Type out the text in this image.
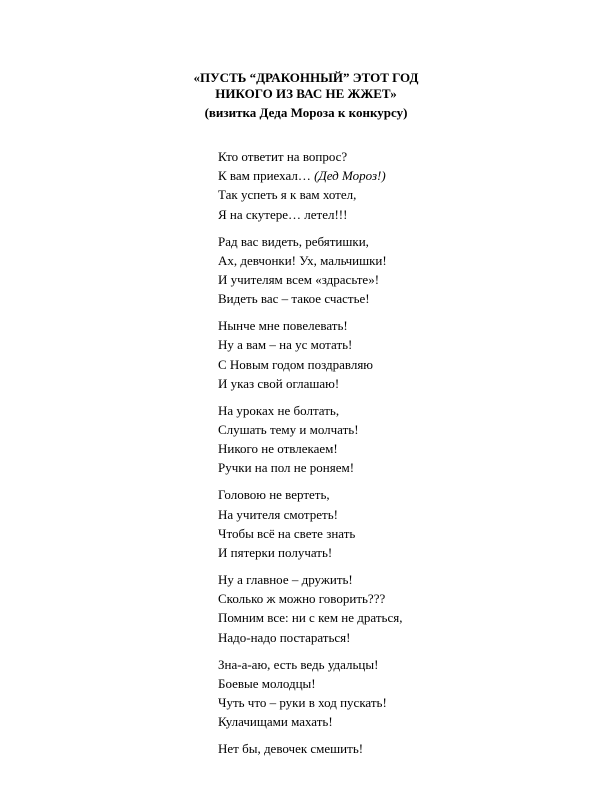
«ПУСТЬ “ДРАКОННЫЙ” ЭТОТ ГОД
НИКОГО ИЗ ВАС НЕ ЖЖЕТ»
(визитка Деда Мороза к конкурсу)
Кто ответит на вопрос?
К вам приехал… (Дед Мороз!)
Так успеть я к вам хотел,
Я на скутере… летел!!!
Рад вас видеть, ребятишки,
Ах, девчонки! Ух, мальчишки!
И учителям всем «здрасьте»!
Видеть вас – такое счастье!
Нынче мне повелевать!
Ну а вам – на ус мотать!
С Новым годом поздравляю
И указ свой оглашаю!
На уроках не болтать,
Слушать тему и молчать!
Никого не отвлекаем!
Ручки на пол не роняем!
Головою не вертеть,
На учителя смотреть!
Чтобы всё на свете знать
И пятерки получать!
Ну а главное – дружить!
Сколько ж можно говорить???
Помним все: ни с кем не драться,
Надо-надо постараться!
Зна-а-аю, есть ведь удальцы!
Боевые молодцы!
Чуть что – руки в ход пускать!
Кулачищами махать!
Нет бы, девочек смешить!
